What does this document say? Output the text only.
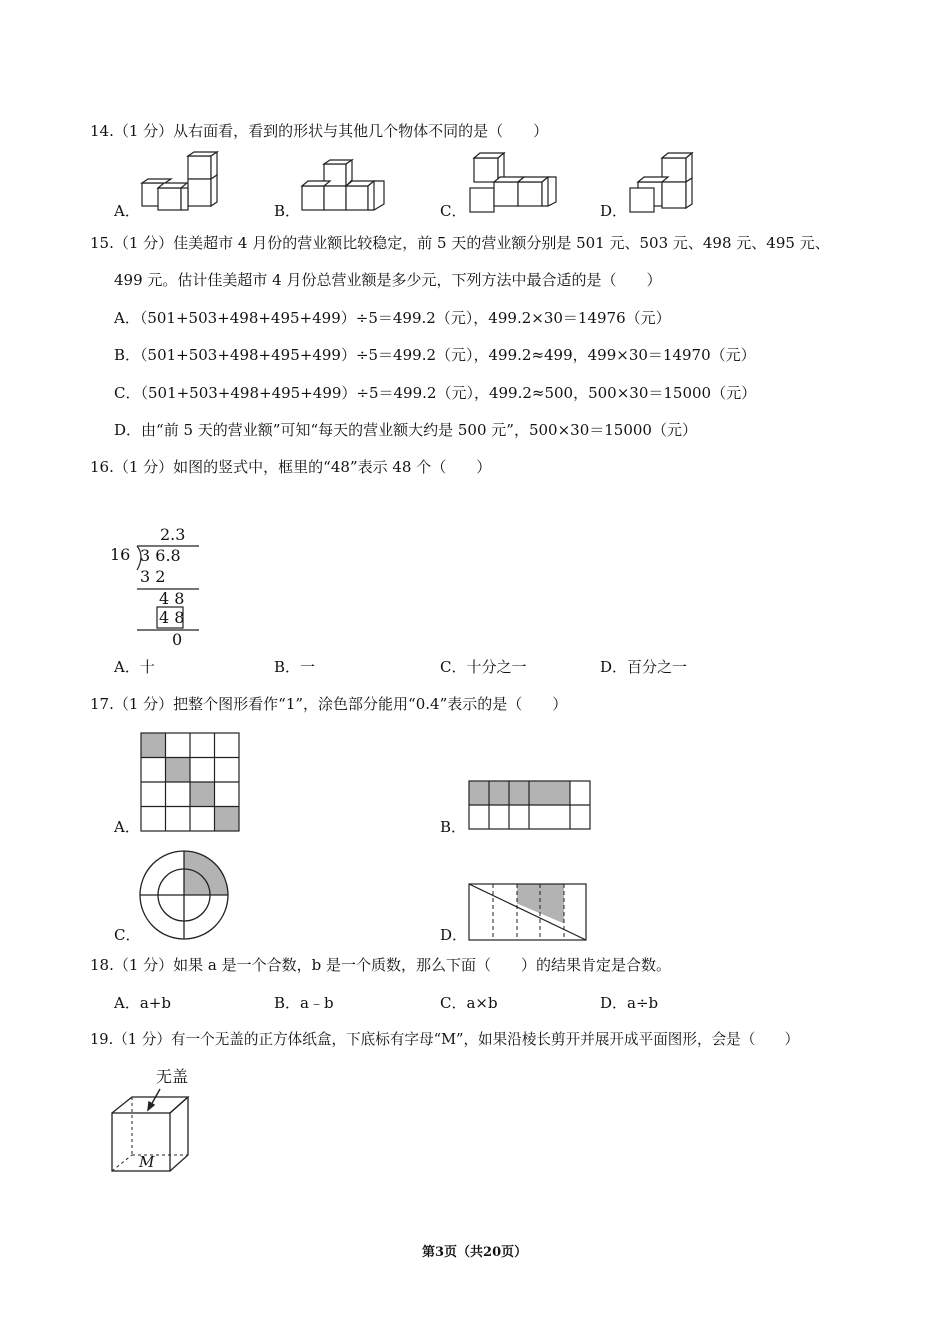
14.（1 分）从右面看，看到的形状与其他几个物体不同的是（　　）
A．	B．	C．	D．
15.（1 分）佳美超市 4 月份的营业额比较稳定，前 5 天的营业额分别是 501 元、503 元、498 元、495 元、
499 元。估计佳美超市 4 月份总营业额是多少元，下列方法中最合适的是（　　）
A．（501+503+498+495+499）÷5＝499.2（元），499.2×30＝14976（元）
B．（501+503+498+495+499）÷5＝499.2（元），499.2≈499，499×30＝14970（元）
C．（501+503+498+495+499）÷5＝499.2（元），499.2≈500，500×30＝15000（元）
D．由“前 5 天的营业额”可知“每天的营业额大约是 500 元”，500×30＝15000（元）
16.（1 分）如图的竖式中，框里的“48”表示 48 个（　　）
2.3
16 3 6.8
3 2
4 8
4 8
0
A．十	B．一	C．十分之一	D．百分之一
17.（1 分）把整个图形看作“1”，涂色部分能用“0.4”表示的是（　　）
A．	B．
C．	D．
18.（1 分）如果 a 是一个合数，b 是一个质数，那么下面（　　）的结果肯定是合数。
A．a+b	B．a﹣b	C．a×b	D．a÷b
19.（1 分）有一个无盖的正方体纸盒，下底标有字母“M”，如果沿棱长剪开并展开成平面图形，会是（　　）
无盖
M
第3页（共20页）
